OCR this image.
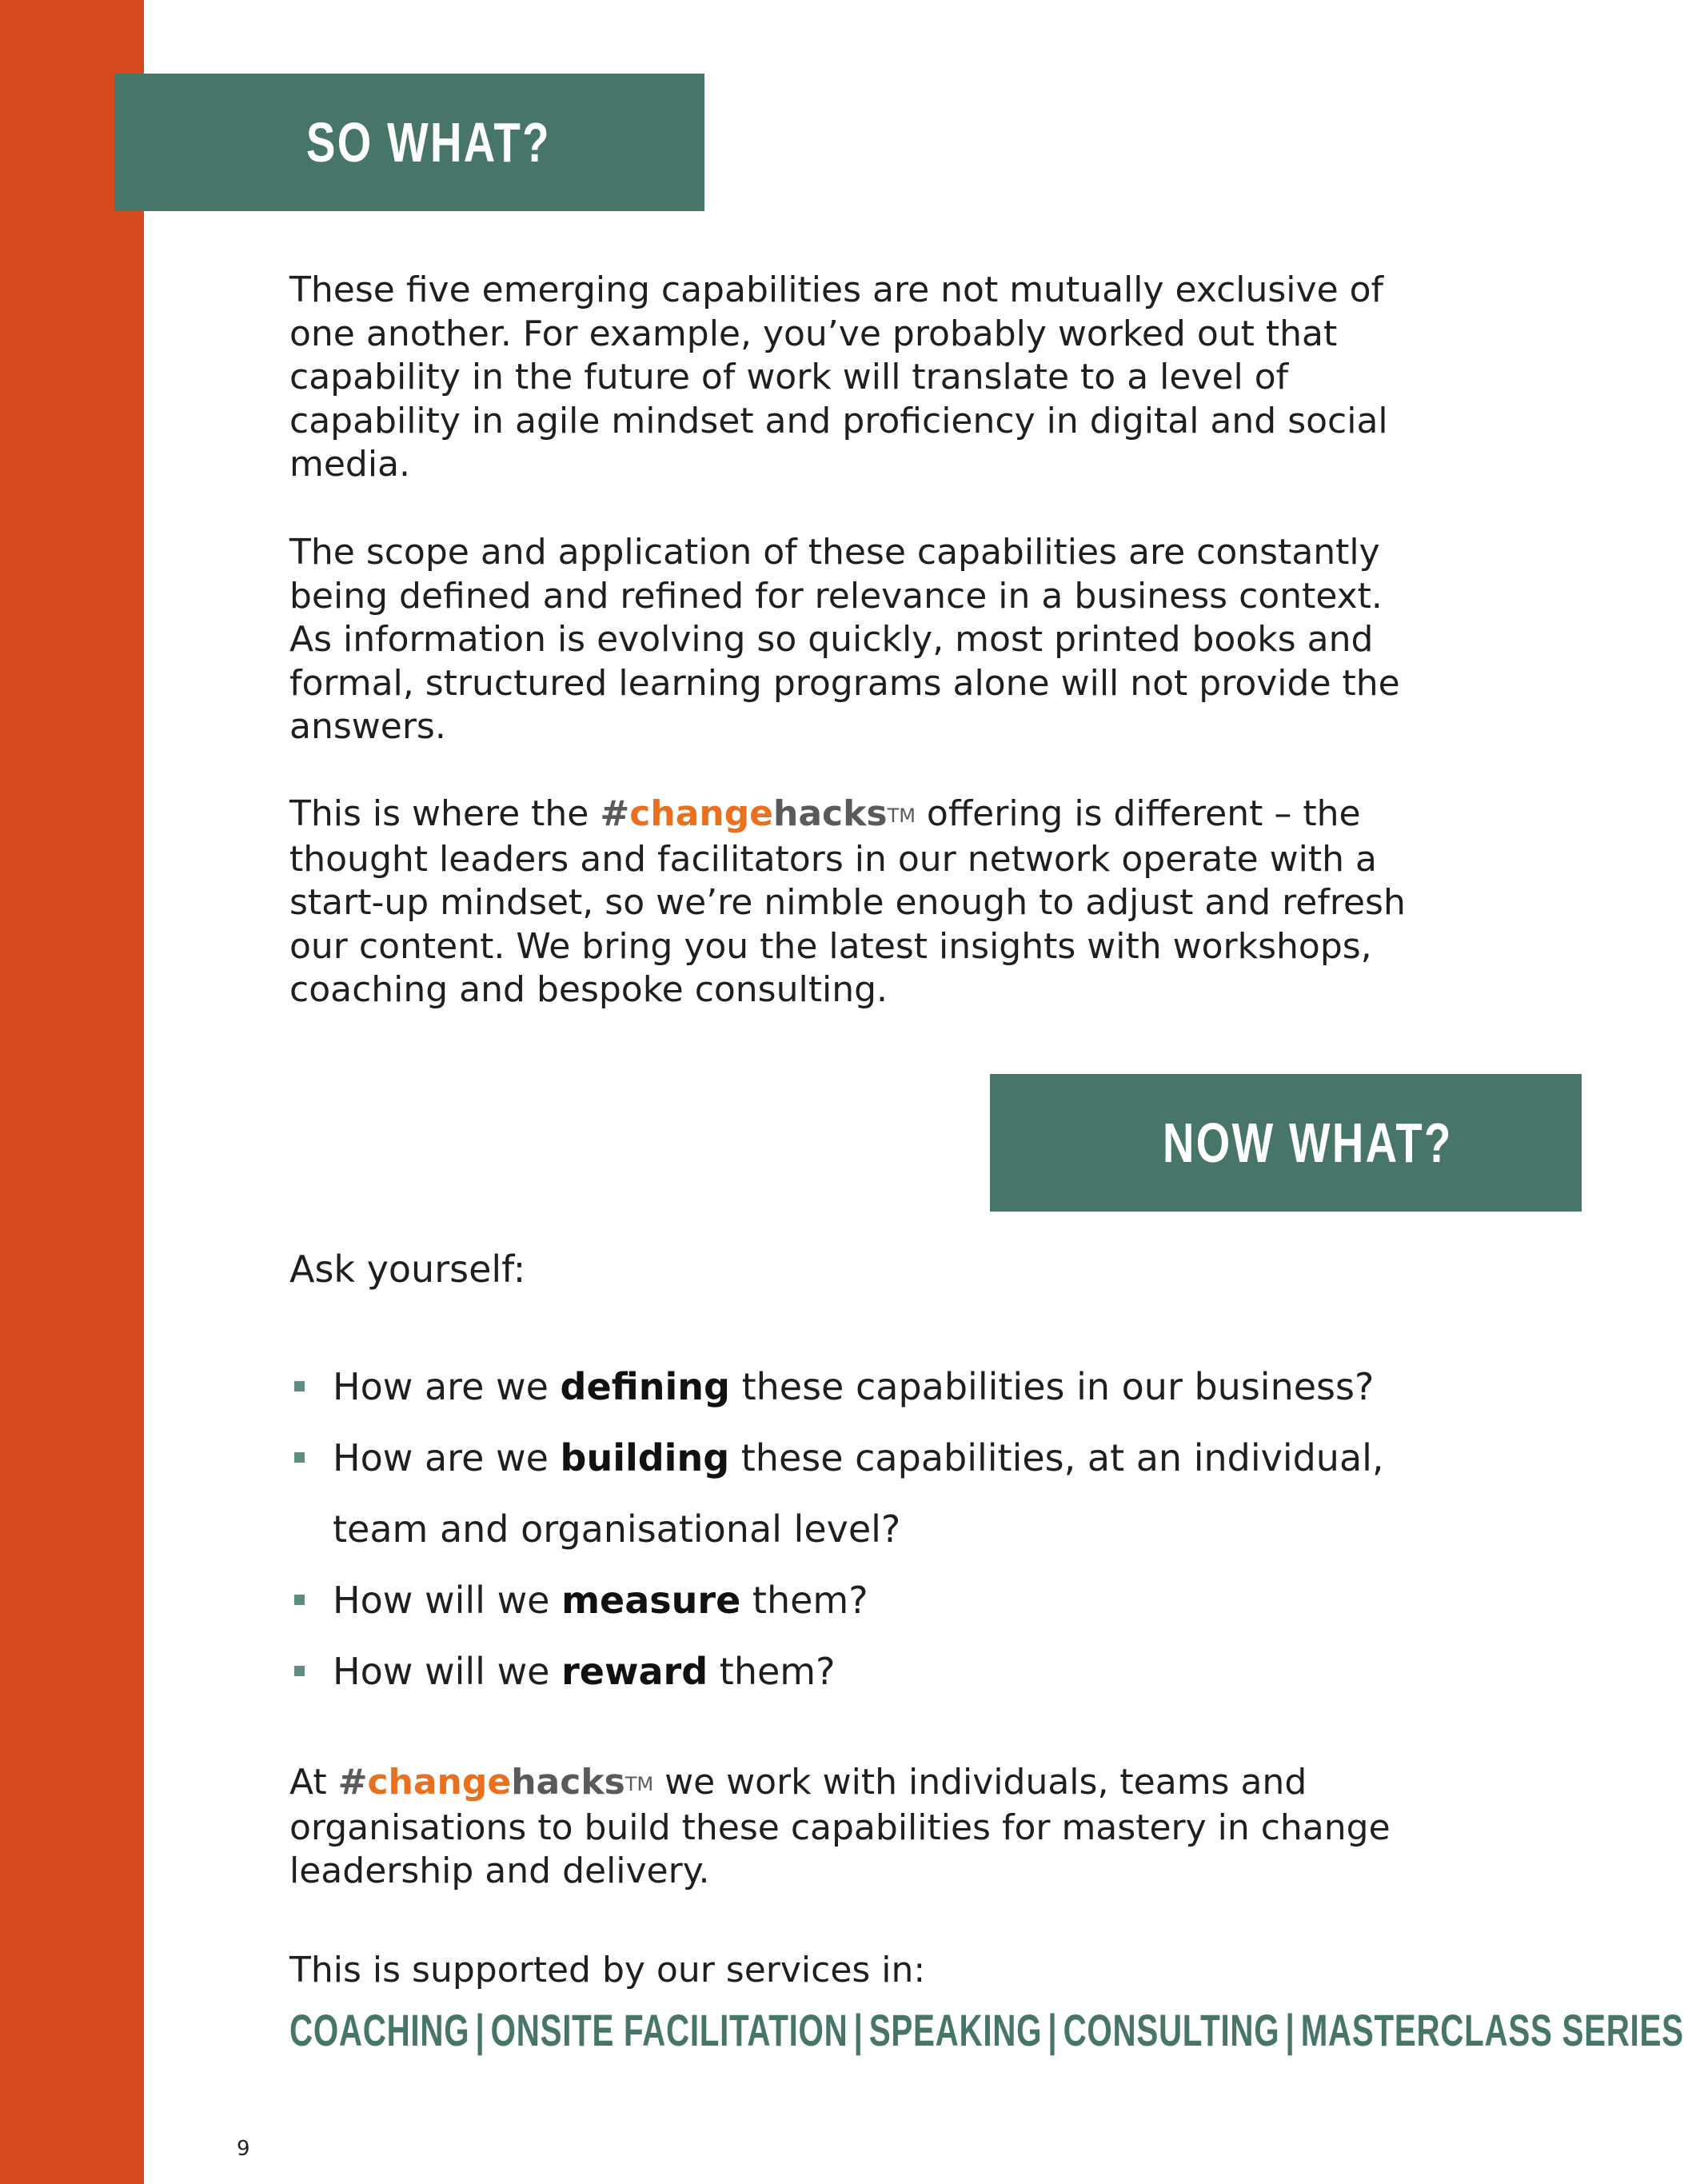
SO WHAT?

These five emerging capabilities are not mutually exclusive of one another. For example, you’ve probably worked out that capability in the future of work will translate to a level of capability in agile mindset and proficiency in digital and social media.

The scope and application of these capabilities are constantly being defined and refined for relevance in a business context. As information is evolving so quickly, most printed books and formal, structured learning programs alone will not provide the answers.

This is where the #changehacksTM offering is different – the thought leaders and facilitators in our network operate with a start-up mindset, so we’re nimble enough to adjust and refresh our content. We bring you the latest insights with workshops, coaching and bespoke consulting.

NOW WHAT?

Ask yourself:

How are we defining these capabilities in our business?
How are we building these capabilities, at an individual,
team and organisational level?
How will we measure them?
How will we reward them?

At #changehacksTM we work with individuals, teams and organisations to build these capabilities for mastery in change leadership and delivery.

This is supported by our services in:

COACHING | ONSITE FACILITATION | SPEAKING | CONSULTING | MASTERCLASS SERIES
9
